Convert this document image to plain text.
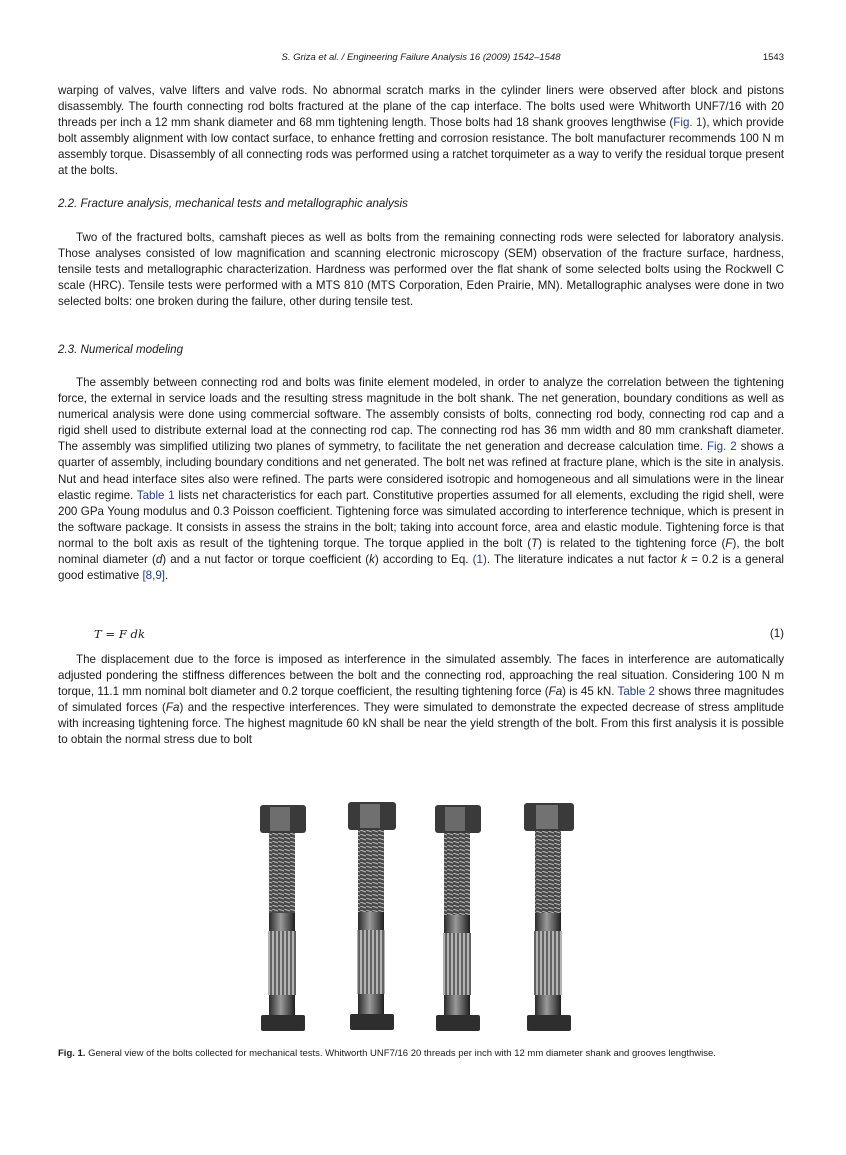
S. Griza et al. / Engineering Failure Analysis 16 (2009) 1542–1548	1543

warping of valves, valve lifters and valve rods. No abnormal scratch marks in the cylinder liners were observed after block and pistons disassembly. The fourth connecting rod bolts fractured at the plane of the cap interface. The bolts used were Whitworth UNF7/16 with 20 threads per inch a 12 mm shank diameter and 68 mm tightening length. Those bolts had 18 shank grooves lengthwise (Fig. 1), which provide bolt assembly alignment with low contact surface, to enhance fretting and corrosion resistance. The bolt manufacturer recommends 100 N m assembly torque. Disassembly of all connecting rods was performed using a ratchet torquimeter as a way to verify the residual torque present at the bolts.

2.2. Fracture analysis, mechanical tests and metallographic analysis

Two of the fractured bolts, camshaft pieces as well as bolts from the remaining connecting rods were selected for laboratory analysis. Those analyses consisted of low magnification and scanning electronic microscopy (SEM) observation of the fracture surface, hardness, tensile tests and metallographic characterization. Hardness was performed over the flat shank of some selected bolts using the Rockwell C scale (HRC). Tensile tests were performed with a MTS 810 (MTS Corporation, Eden Prairie, MN). Metallographic analyses were done in two selected bolts: one broken during the failure, other during tensile test.

2.3. Numerical modeling

The assembly between connecting rod and bolts was finite element modeled, in order to analyze the correlation between the tightening force, the external in service loads and the resulting stress magnitude in the bolt shank. The net generation, boundary conditions as well as numerical analysis were done using commercial software. The assembly consists of bolts, connecting rod body, connecting rod cap and a rigid shell used to distribute external load at the connecting rod cap. The connecting rod has 36 mm width and 80 mm crankshaft diameter. The assembly was simplified utilizing two planes of symmetry, to facilitate the net generation and decrease calculation time. Fig. 2 shows a quarter of assembly, including boundary conditions and net generated. The bolt net was refined at fracture plane, which is the site in analysis. Nut and head interface sites also were refined. The parts were considered isotropic and homogeneous and all simulations were in the linear elastic regime. Table 1 lists net characteristics for each part. Constitutive properties assumed for all elements, excluding the rigid shell, were 200 GPa Young modulus and 0.3 Poisson coefficient. Tightening force was simulated according to interference technique, which is present in the software package. It consists in assess the strains in the bolt; taking into account force, area and elastic module. Tightening force is that normal to the bolt axis as result of the tightening torque. The torque applied in the bolt (T) is related to the tightening force (F), the bolt nominal diameter (d) and a nut factor or torque coefficient (k) according to Eq. (1). The literature indicates a nut factor k = 0.2 is a general good estimative [8,9].

T = F dk	(1)

The displacement due to the force is imposed as interference in the simulated assembly. The faces in interference are automatically adjusted pondering the stiffness differences between the bolt and the connecting rod, approaching the real situation. Considering 100 N m torque, 11.1 mm nominal bolt diameter and 0.2 torque coefficient, the resulting tightening force (Fa) is 45 kN. Table 2 shows three magnitudes of simulated forces (Fa) and the respective interferences. They were simulated to demonstrate the expected decrease of stress amplitude with increasing tightening force. The highest magnitude 60 kN shall be near the yield strength of the bolt. From this first analysis it is possible to obtain the normal stress due to bolt

Fig. 1. General view of the bolts collected for mechanical tests. Whitworth UNF7/16 20 threads per inch with 12 mm diameter shank and grooves lengthwise.
